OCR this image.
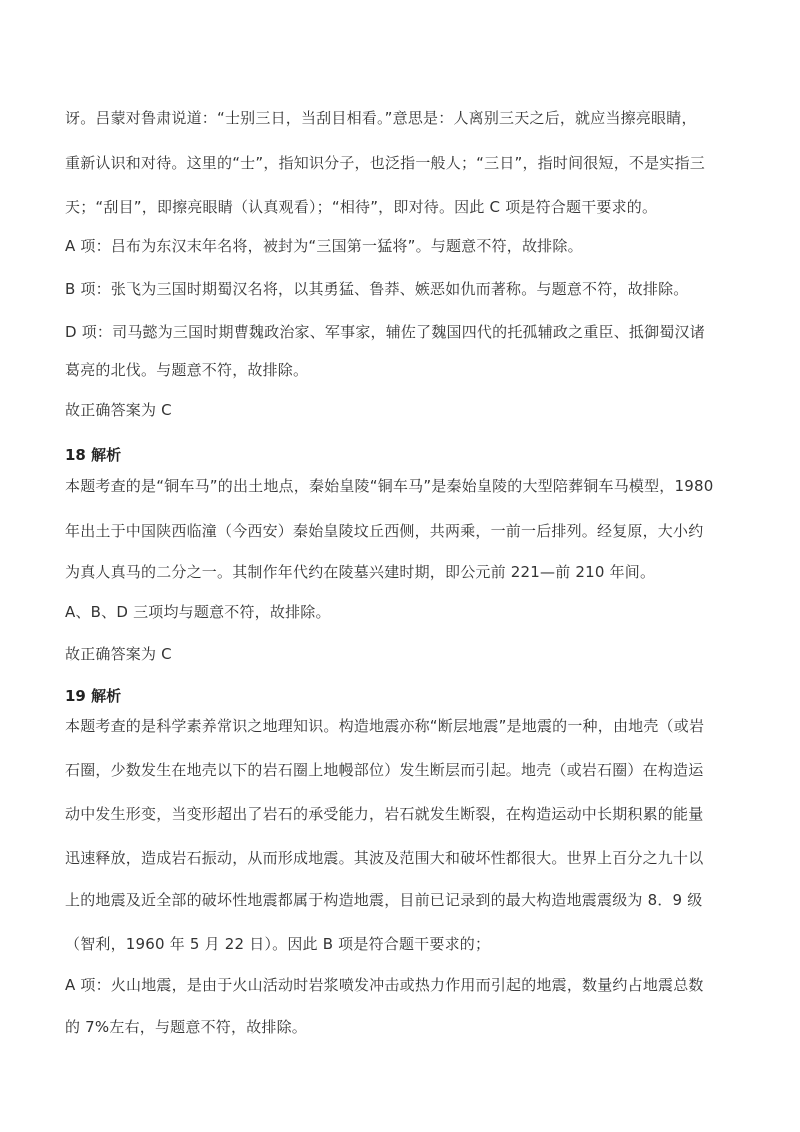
讶。吕蒙对鲁肃说道：“士别三日，当刮目相看。”意思是：人离别三天之后，就应当擦亮眼睛，
重新认识和对待。这里的“士”，指知识分子，也泛指一般人；“三日”，指时间很短，不是实指三
天；“刮目”，即擦亮眼睛（认真观看）；“相待”，即对待。因此 C 项是符合题干要求的。
A 项：吕布为东汉末年名将，被封为“三国第一猛将”。与题意不符，故排除。
B 项：张飞为三国时期蜀汉名将，以其勇猛、鲁莽、嫉恶如仇而著称。与题意不符，故排除。
D 项：司马懿为三国时期曹魏政治家、军事家，辅佐了魏国四代的托孤辅政之重臣、抵御蜀汉诸
葛亮的北伐。与题意不符，故排除。
故正确答案为 C
18 解析
本题考查的是“铜车马”的出土地点，秦始皇陵“铜车马”是秦始皇陵的大型陪葬铜车马模型，1980
年出土于中国陕西临潼（今西安）秦始皇陵坟丘西侧，共两乘，一前一后排列。经复原，大小约
为真人真马的二分之一。其制作年代约在陵墓兴建时期，即公元前 221—前 210 年间。
A、B、D 三项均与题意不符，故排除。
故正确答案为 C
19 解析
本题考查的是科学素养常识之地理知识。构造地震亦称“断层地震”是地震的一种，由地壳（或岩
石圈，少数发生在地壳以下的岩石圈上地幔部位）发生断层而引起。地壳（或岩石圈）在构造运
动中发生形变，当变形超出了岩石的承受能力，岩石就发生断裂，在构造运动中长期积累的能量
迅速释放，造成岩石振动，从而形成地震。其波及范围大和破坏性都很大。世界上百分之九十以
上的地震及近全部的破坏性地震都属于构造地震，目前已记录到的最大构造地震震级为 8．9 级
（智利，1960 年 5 月 22 日）。因此 B 项是符合题干要求的；
A 项：火山地震，是由于火山活动时岩浆喷发冲击或热力作用而引起的地震，数量约占地震总数
的 7%左右，与题意不符，故排除。
